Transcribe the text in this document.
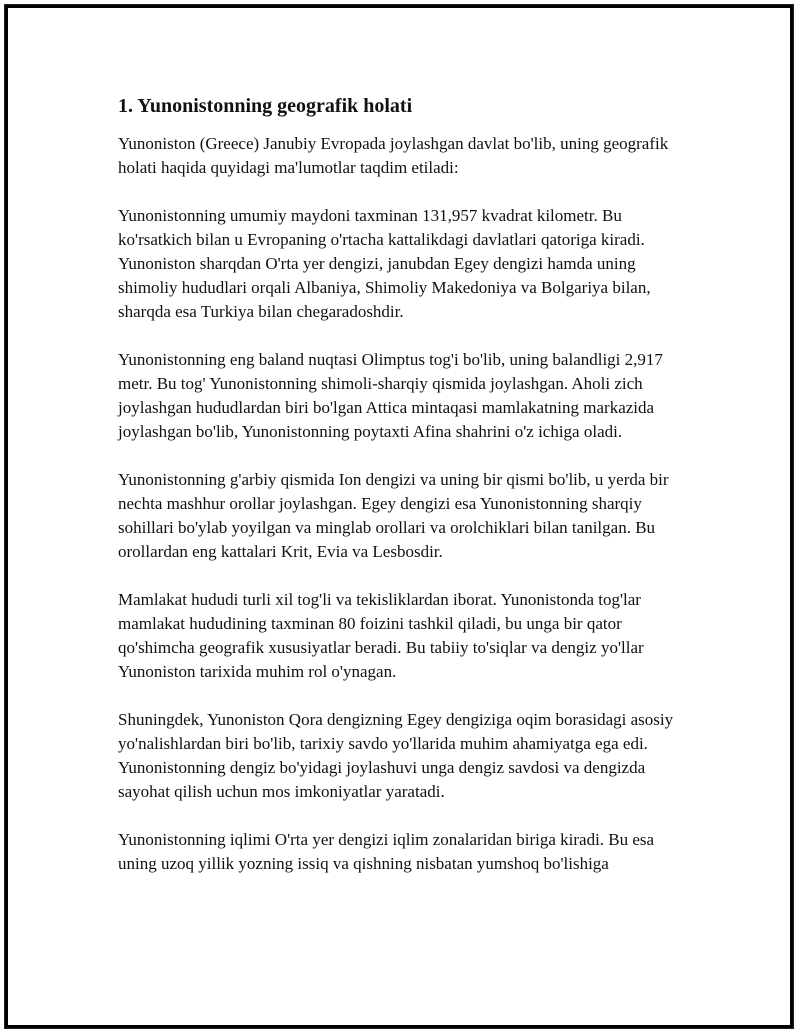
1. Yunonistonning geografik holati

Yunoniston (Greece) Janubiy Evropada joylashgan davlat bo'lib, uning geografik holati haqida quyidagi ma'lumotlar taqdim etiladi:

Yunonistonning umumiy maydoni taxminan 131,957 kvadrat kilometr. Bu ko'rsatkich bilan u Evropaning o'rtacha kattalikdagi davlatlari qatoriga kiradi. Yunoniston sharqdan O'rta yer dengizi, janubdan Egey dengizi hamda uning shimoliy hududlari orqali Albaniya, Shimoliy Makedoniya va Bolgariya bilan, sharqda esa Turkiya bilan chegaradoshdir.

Yunonistonning eng baland nuqtasi Olimptus tog'i bo'lib, uning balandligi 2,917 metr. Bu tog' Yunonistonning shimoli-sharqiy qismida joylashgan. Aholi zich joylashgan hududlardan biri bo'lgan Attica mintaqasi mamlakatning markazida joylashgan bo'lib, Yunonistonning poytaxti Afina shahrini o'z ichiga oladi.

Yunonistonning g'arbiy qismida Ion dengizi va uning bir qismi bo'lib, u yerda bir nechta mashhur orollar joylashgan. Egey dengizi esa Yunonistonning sharqiy sohillari bo'ylab yoyilgan va minglab orollari va orolchiklari bilan tanilgan. Bu orollardan eng kattalari Krit, Evia va Lesbosdir.

Mamlakat hududi turli xil tog'li va tekisliklardan iborat. Yunonistonda tog'lar mamlakat hududining taxminan 80 foizini tashkil qiladi, bu unga bir qator qo'shimcha geografik xususiyatlar beradi. Bu tabiiy to'siqlar va dengiz yo'llar Yunoniston tarixida muhim rol o'ynagan.

Shuningdek, Yunoniston Qora dengizning Egey dengiziga oqim borasidagi asosiy yo'nalishlardan biri bo'lib, tarixiy savdo yo'llarida muhim ahamiyatga ega edi. Yunonistonning dengiz bo'yidagi joylashuvi unga dengiz savdosi va dengizda sayohat qilish uchun mos imkoniyatlar yaratadi.

Yunonistonning iqlimi O'rta yer dengizi iqlim zonalaridan biriga kiradi. Bu esa uning uzoq yillik yozning issiq va qishning nisbatan yumshoq bo'lishiga
